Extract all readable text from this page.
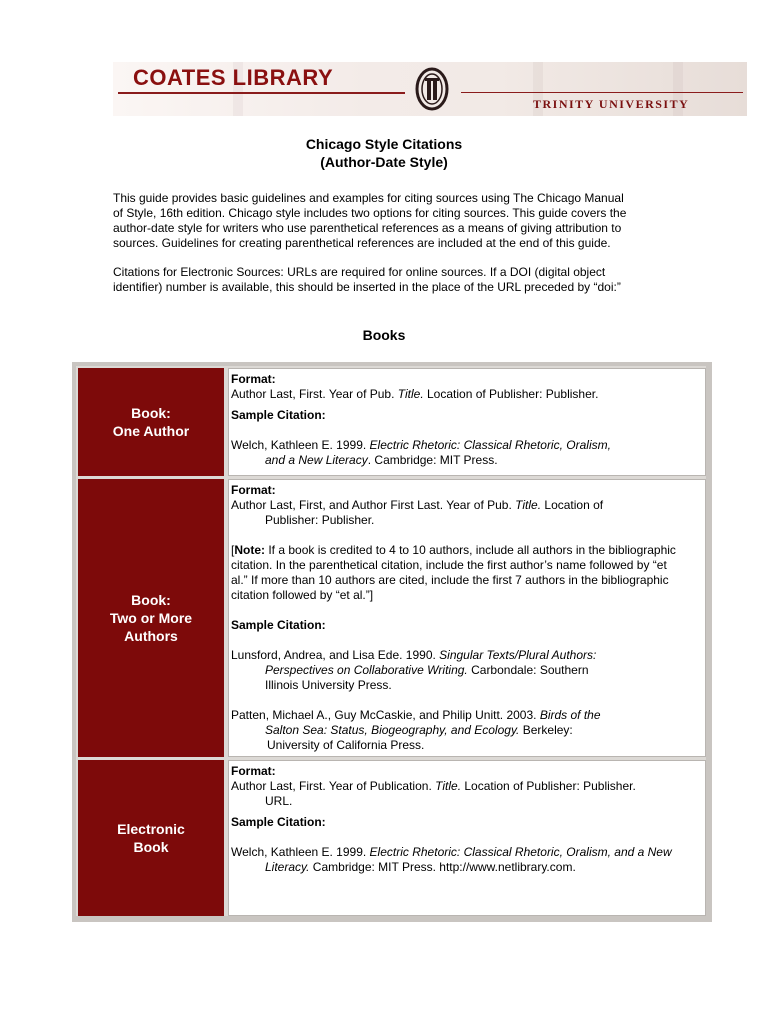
COATES LIBRARY
TRINITY UNIVERSITY
Chicago Style Citations
(Author-Date Style)
This guide provides basic guidelines and examples for citing sources using The Chicago Manual
of Style, 16th edition. Chicago style includes two options for citing sources. This guide covers the
author-date style for writers who use parenthetical references as a means of giving attribution to
sources. Guidelines for creating parenthetical references are included at the end of this guide.
Citations for Electronic Sources: URLs are required for online sources. If a DOI (digital object
identifier) number is available, this should be inserted in the place of the URL preceded by “doi:”
Books
Book:
One Author
Format:
Author Last, First. Year of Pub. Title. Location of Publisher: Publisher.
Sample Citation:
Welch, Kathleen E. 1999. Electric Rhetoric: Classical Rhetoric, Oralism,
and a New Literacy. Cambridge: MIT Press.
Book:
Two or More
Authors
Format:
Author Last, First, and Author First Last. Year of Pub. Title. Location of
Publisher: Publisher.
[Note: If a book is credited to 4 to 10 authors, include all authors in the bibliographic
citation. In the parenthetical citation, include the first author’s name followed by “et
al.” If more than 10 authors are cited, include the first 7 authors in the bibliographic
citation followed by “et al.”]
Sample Citation:
Lunsford, Andrea, and Lisa Ede. 1990. Singular Texts/Plural Authors:
Perspectives on Collaborative Writing. Carbondale: Southern
Illinois University Press.
Patten, Michael A., Guy McCaskie, and Philip Unitt. 2003. Birds of the
Salton Sea: Status, Biogeography, and Ecology. Berkeley:
University of California Press.
Electronic
Book
Format:
Author Last, First. Year of Publication. Title. Location of Publisher: Publisher.
URL.
Sample Citation:
Welch, Kathleen E. 1999. Electric Rhetoric: Classical Rhetoric, Oralism, and a New
Literacy. Cambridge: MIT Press. http://www.netlibrary.com.
